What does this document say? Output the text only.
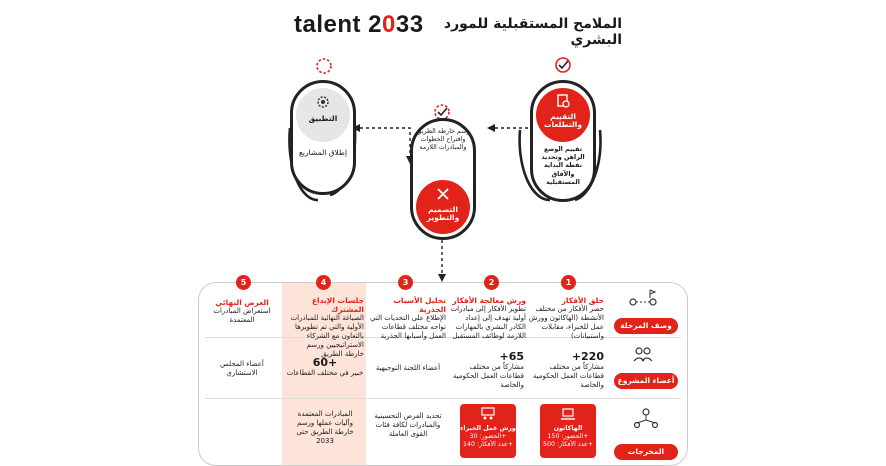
talent 2033	الملامح المستقبلية للمورد البشري
التطبيق
إطلاق المشاريع
رسم خارطة الطريق واقتراح الخطوات والمبادرات اللازمة
التصميم والتطوير
التقييم والتطلعات
تقييم الوضع الراهن وتحديد نقطة البداية والآفاق المستقبلية
وصف المرحلة
أعضاء المشروع
المخرجات
1
خلق الأفكار
حصر الأفكار من مختلف الأنشطة (الهاكاثون وورش عمل للخبراء، مقابلات واستبيانات)
220+
مشاركاً من مختلف قطاعات العمل الحكومية والخاصة
الهاكاثون
الحضور: 150+
عدد الأفكار: 500+
2
ورش معالجة الأفكار
تطوير الأفكار إلى مبادرات أولية تهدف إلى إعداد الكادر البشري بالمهارات اللازمة لوظائف المستقبل
65+
مشاركاً من مختلف قطاعات العمل الحكومية والخاصة
ورش عمل الخبراء
الحضور: 30+
عدد الأفكار: 140+
3
تحليل الأسباب الجذرية
الإطلاع على التحديات التي تواجه مختلف قطاعات العمل وأسبابها الجذرية
أعضاء اللجنة التوجيهية
تحديد الفرص التحسينية والمبادرات لكافة فئات القوى العاملة
4
جلسات الإبداع المشترك
الصياغة النهائية للمبادرات الأولية والتي تم تطويرها بالتعاون مع الشركاء الاستراتيجيين ورسم خارطة الطريق
60+
خبير في مختلف القطاعات
المبادرات المعتمدة وآليات عملها ورسم خارطة الطريق حتى 2033
5
العرض النهائي
استعراض المبادرات المعتمدة
أعضاء المجلس الاستشاري
